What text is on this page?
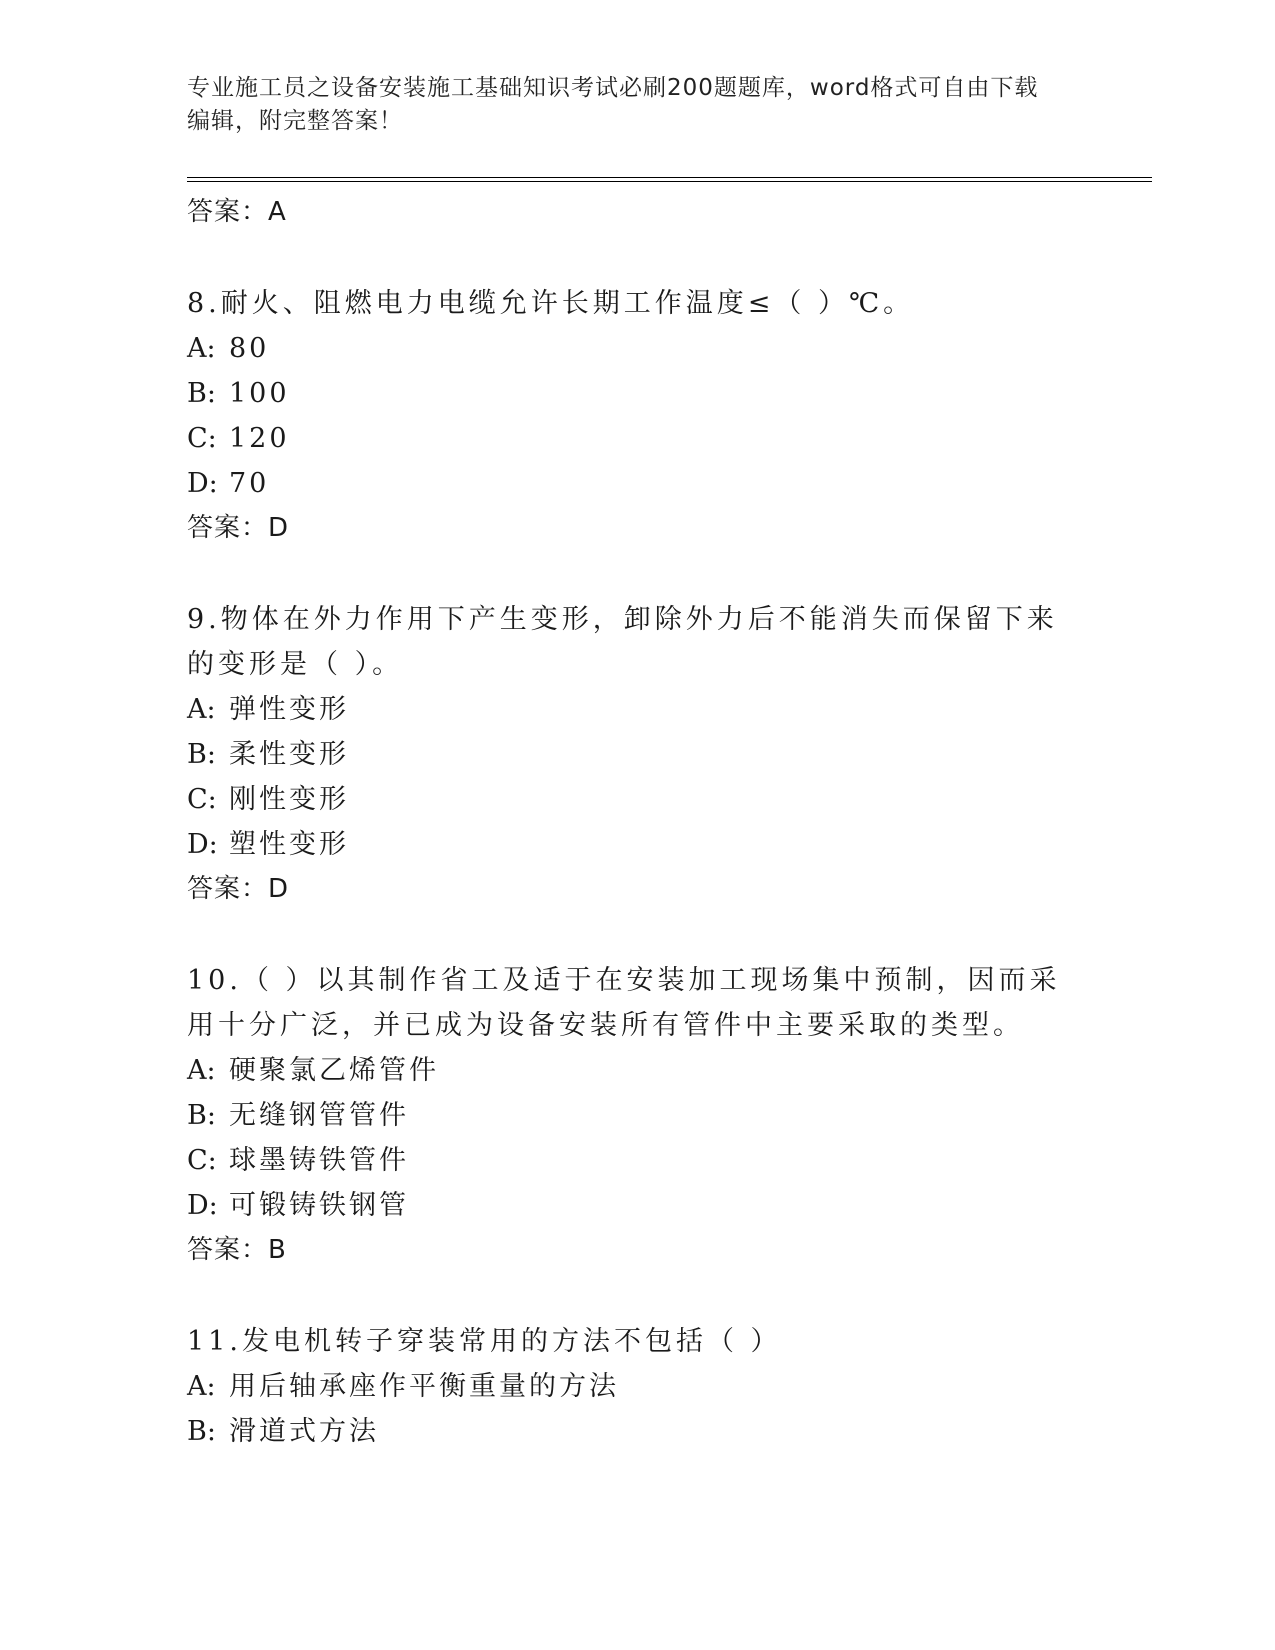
专业施工员之设备安装施工基础知识考试必刷200题题库，word格式可自由下载
编辑，附完整答案！
答案：A
8.耐火、阻燃电力电缆允许长期工作温度≤（ ）℃。
A: 80
B: 100
C: 120
D: 70
答案：D
9.物体在外力作用下产生变形，卸除外力后不能消失而保留下来的变形是（ ）。
A: 弹性变形
B: 柔性变形
C: 刚性变形
D: 塑性变形
答案：D
10.（ ）以其制作省工及适于在安装加工现场集中预制，因而采用十分广泛，并已成为设备安装所有管件中主要采取的类型。
A: 硬聚氯乙烯管件
B: 无缝钢管管件
C: 球墨铸铁管件
D: 可锻铸铁钢管
答案：B
11.发电机转子穿装常用的方法不包括（ ）
A: 用后轴承座作平衡重量的方法
B: 滑道式方法
